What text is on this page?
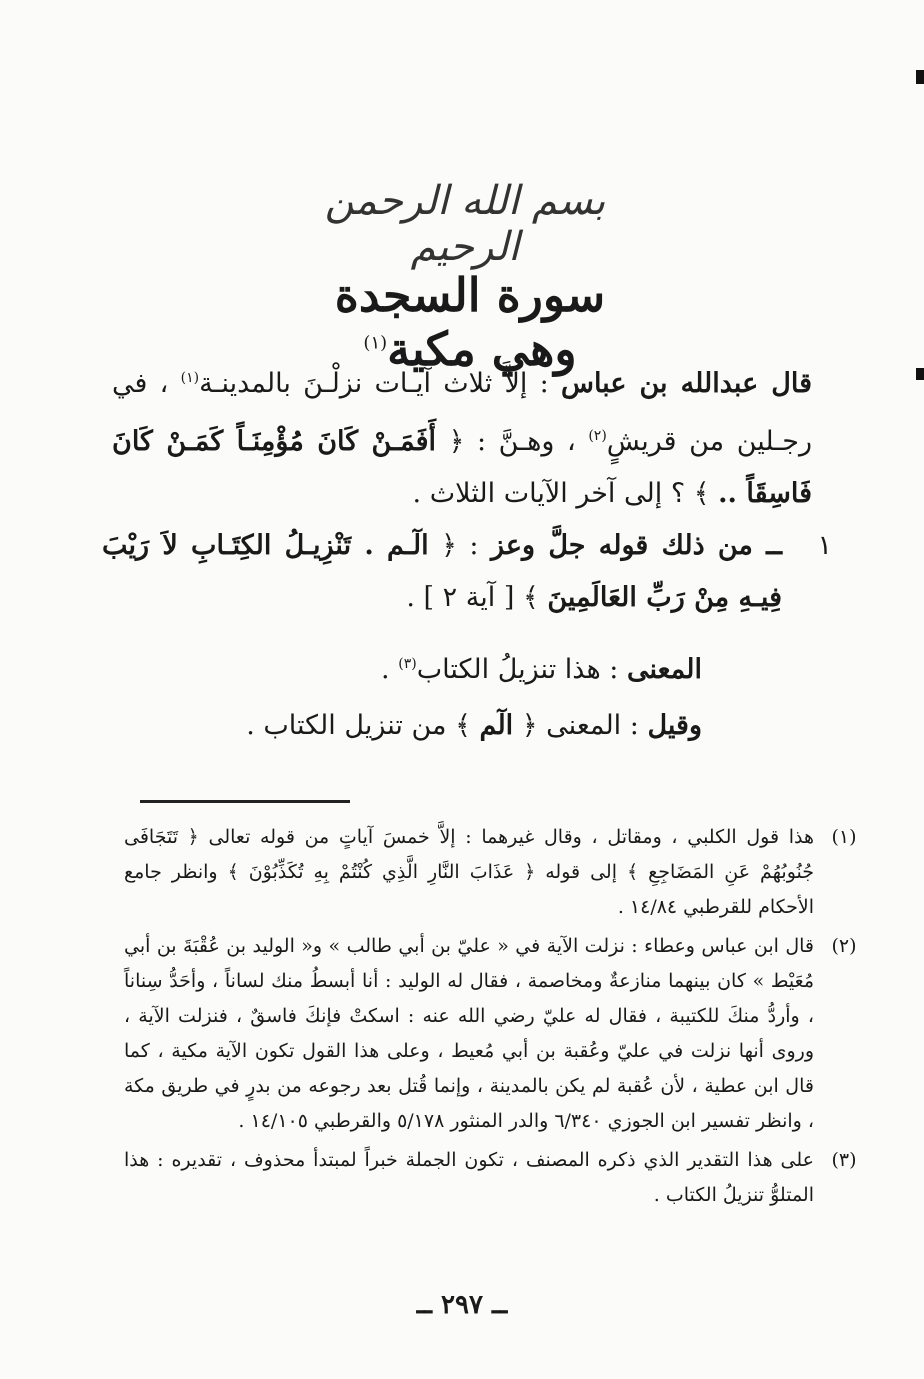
بسم الله الرحمن الرحيم
سورة السجدة وهي مكية$^{(١)}$
قال عبدالله بن عباس : إلاَّ ثلاث آيـات نزلْـنَ بالمدينـة$^{(١)}$ ، في رجـلين من قريشٍ$^{(٢)}$ ، وهـنَّ : ﴿ أَفَمَـنْ كَانَ مُؤْمِنَـاً كَمَـنْ كَانَ فَاسِقَاً .. ﴾ ؟ إلى آخر الآيات الثلاث .
١
ــ من ذلك قوله جلَّ وعز : ﴿ الٓـم . تَنْزِيـلُ الكِتَـابِ لاَ رَيْبَ فِيـهِ مِنْ رَبِّ العَالَمِينَ ﴾ [ آية ٢ ] .
المعنى : هذا تنزيلُ الكتاب$^{(٣)}$ .
وقيل : المعنى ﴿ الٓم ﴾ من تنزيل الكتاب .
(١)
هذا قول الكلبي ، ومقاتل ، وقال غيرهما : إلاَّ خمسَ آياتٍ من قوله تعالى ﴿ تَتَجَافَى جُنُوبُهُمْ عَنِ المَضَاجِعِ ﴾ إلى قوله ﴿ عَذَابَ النَّارِ الَّذِي كُنْتُمْ بِهِ تُكَذِّبُوْنَ ﴾ وانظر جامع الأحكام للقرطبي ١٤/٨٤ .
(٢)
قال ابن عباس وعطاء : نزلت الآية في « عليّ بن أبي طالب » و« الوليد بن عُقْبَةَ بن أبي مُعَيْط » كان بينهما منازعةٌ ومخاصمة ، فقال له الوليد : أنا أبسطُ منك لساناً ، وأحَدُّ سِناناً ، وأردُّ منكَ للكتيبة ، فقال له عليّ رضي الله عنه : اسكتْ فإنكَ فاسقٌ ، فنزلت الآية ، وروى أنها نزلت في عليّ وعُقبة بن أبي مُعيط ، وعلى هذا القول تكون الآية مكية ، كما قال ابن عطية ، لأن عُقبة لم يكن بالمدينة ، وإنما قُتل بعد رجوعه من بدرٍ في طريق مكة ، وانظر تفسير ابن الجوزي ٦/٣٤٠ والدر المنثور ٥/١٧٨ والقرطبي ١٤/١٠٥ .
(٣)
على هذا التقدير الذي ذكره المصنف ، تكون الجملة خبراً لمبتدأ محذوف ، تقديره : هذا المتلوُّ تنزيلُ الكتاب .
ــ ٢٩٧ ــ
